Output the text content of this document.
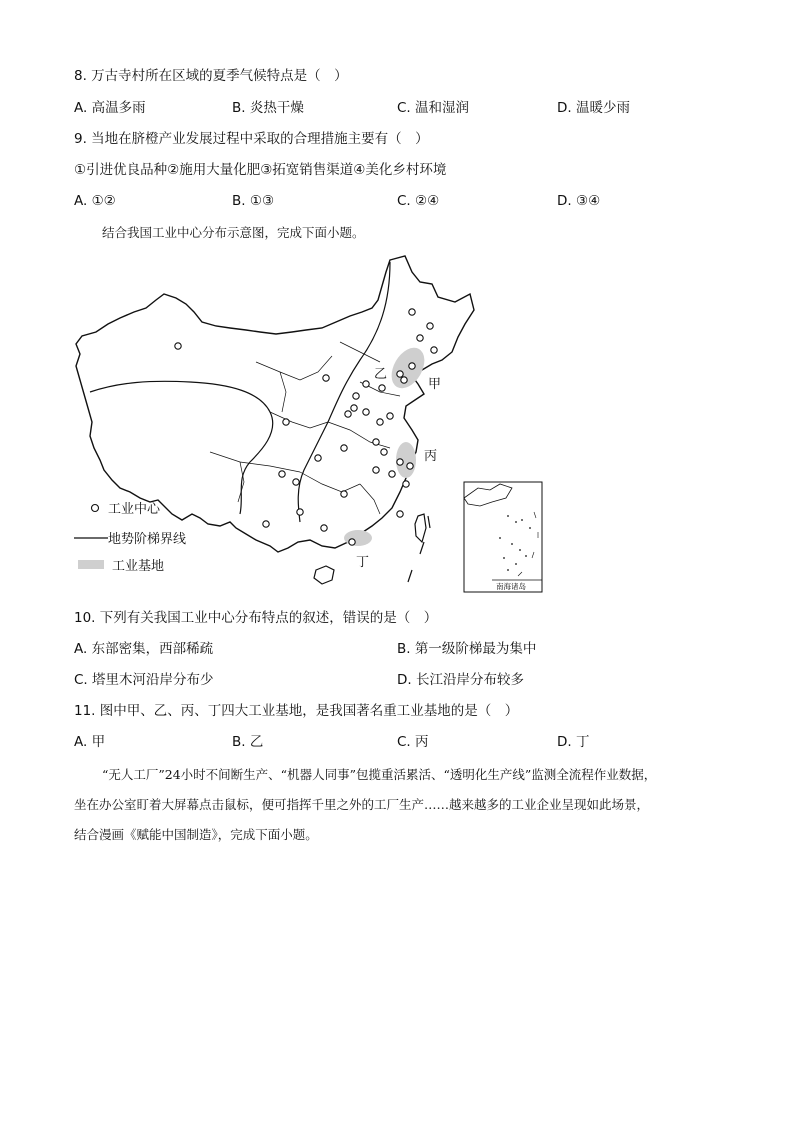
8. 万古寺村所在区域的夏季气候特点是（　）
A. 高温多雨	B. 炎热干燥	C. 温和湿润	D. 温暖少雨
9. 当地在脐橙产业发展过程中采取的合理措施主要有（　）
①引进优良品种②施用大量化肥③拓宽销售渠道④美化乡村环境
A. ①②	B. ①③	C. ②④	D. ③④
结合我国工业中心分布示意图，完成下面小题。
乙
甲
丙
丁
工业中心
地势阶梯界线
工业基地
南海诸岛
10. 下列有关我国工业中心分布特点的叙述，错误的是（　）
A. 东部密集，西部稀疏	B. 第一级阶梯最为集中
C. 塔里木河沿岸分布少	D. 长江沿岸分布较多
11. 图中甲、乙、丙、丁四大工业基地，是我国著名重工业基地的是（　）
A. 甲	B. 乙	C. 丙	D. 丁
“无人工厂”24小时不间断生产、“机器人同事”包揽重活累活、“透明化生产线”监测全流程作业数据，
坐在办公室盯着大屏幕点击鼠标，便可指挥千里之外的工厂生产……越来越多的工业企业呈现如此场景，
结合漫画《赋能中国制造》，完成下面小题。
